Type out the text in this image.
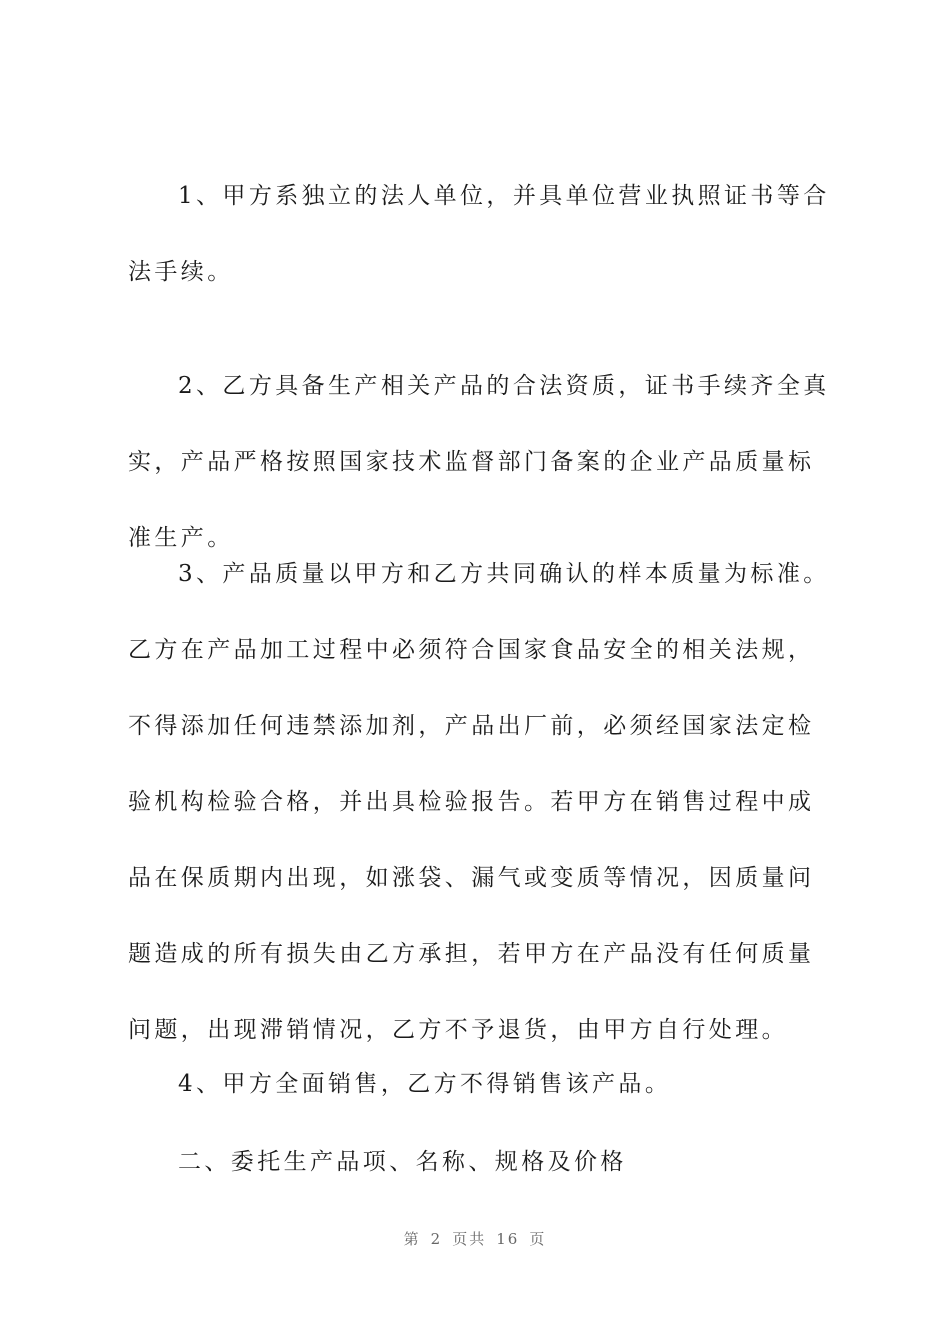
1、甲方系独立的法人单位，并具单位营业执照证书等合法手续。

2、乙方具备生产相关产品的合法资质，证书手续齐全真实，产品严格按照国家技术监督部门备案的企业产品质量标准生产。

3、产品质量以甲方和乙方共同确认的样本质量为标准。乙方在产品加工过程中必须符合国家食品安全的相关法规，不得添加任何违禁添加剂，产品出厂前，必须经国家法定检验机构检验合格，并出具检验报告。若甲方在销售过程中成品在保质期内出现，如涨袋、漏气或变质等情况，因质量问题造成的所有损失由乙方承担，若甲方在产品没有任何质量问题，出现滞销情况，乙方不予退货，由甲方自行处理。

4、甲方全面销售，乙方不得销售该产品。

二、委托生产品项、名称、规格及价格

第 2 页共 16 页
